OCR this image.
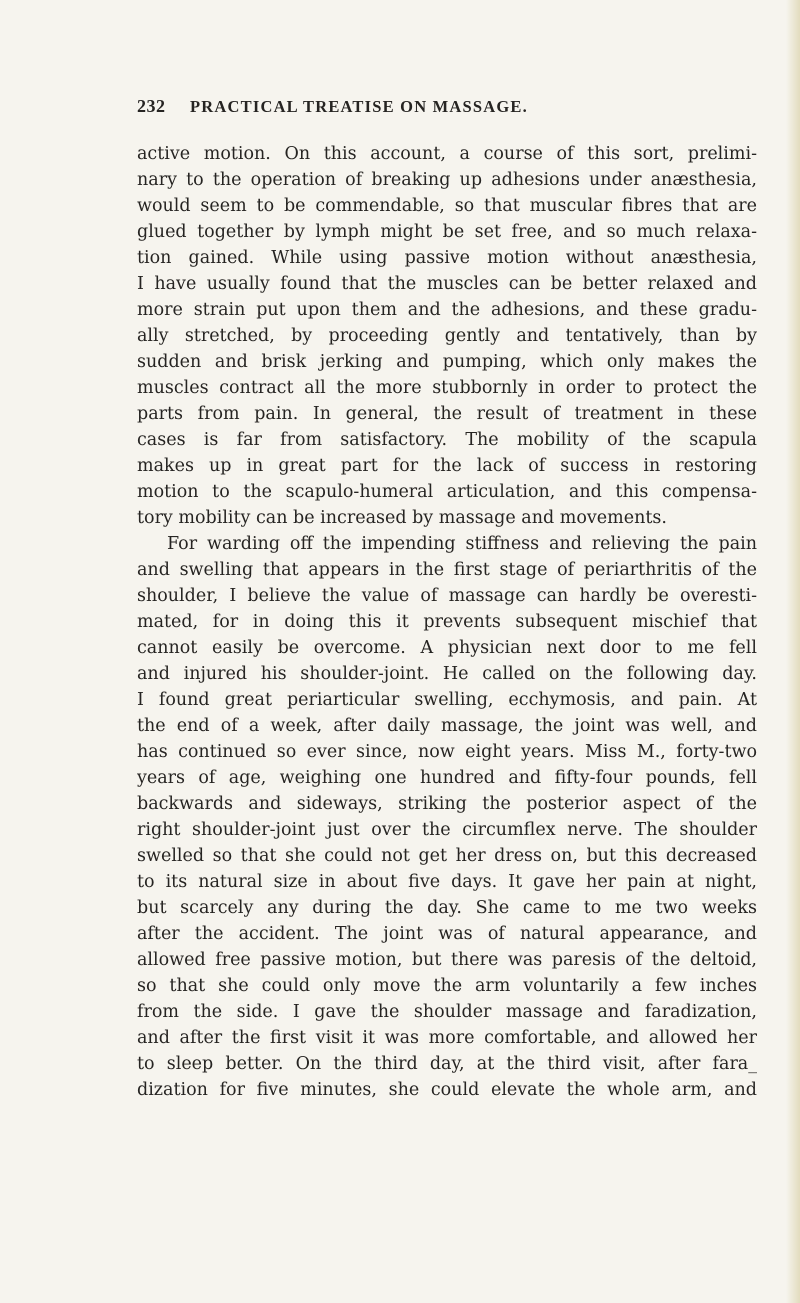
232 PRACTICAL TREATISE ON MASSAGE.
active motion. On this account, a course of this sort, prelimi-
nary to the operation of breaking up adhesions under anæsthesia,
would seem to be commendable, so that muscular fibres that are
glued together by lymph might be set free, and so much relaxa-
tion gained. While using passive motion without anæsthesia,
I have usually found that the muscles can be better relaxed and
more strain put upon them and the adhesions, and these gradu-
ally stretched, by proceeding gently and tentatively, than by
sudden and brisk jerking and pumping, which only makes the
muscles contract all the more stubbornly in order to protect the
parts from pain. In general, the result of treatment in these
cases is far from satisfactory. The mobility of the scapula
makes up in great part for the lack of success in restoring
motion to the scapulo-humeral articulation, and this compensa-
tory mobility can be increased by massage and movements.
For warding off the impending stiffness and relieving the pain
and swelling that appears in the first stage of periarthritis of the
shoulder, I believe the value of massage can hardly be overesti-
mated, for in doing this it prevents subsequent mischief that
cannot easily be overcome. A physician next door to me fell
and injured his shoulder-joint. He called on the following day.
I found great periarticular swelling, ecchymosis, and pain. At
the end of a week, after daily massage, the joint was well, and
has continued so ever since, now eight years. Miss M., forty-two
years of age, weighing one hundred and fifty-four pounds, fell
backwards and sideways, striking the posterior aspect of the
right shoulder-joint just over the circumflex nerve. The shoulder
swelled so that she could not get her dress on, but this decreased
to its natural size in about five days. It gave her pain at night,
but scarcely any during the day. She came to me two weeks
after the accident. The joint was of natural appearance, and
allowed free passive motion, but there was paresis of the deltoid,
so that she could only move the arm voluntarily a few inches
from the side. I gave the shoulder massage and faradization,
and after the first visit it was more comfortable, and allowed her
to sleep better. On the third day, at the third visit, after fara_
dization for five minutes, she could elevate the whole arm, and
